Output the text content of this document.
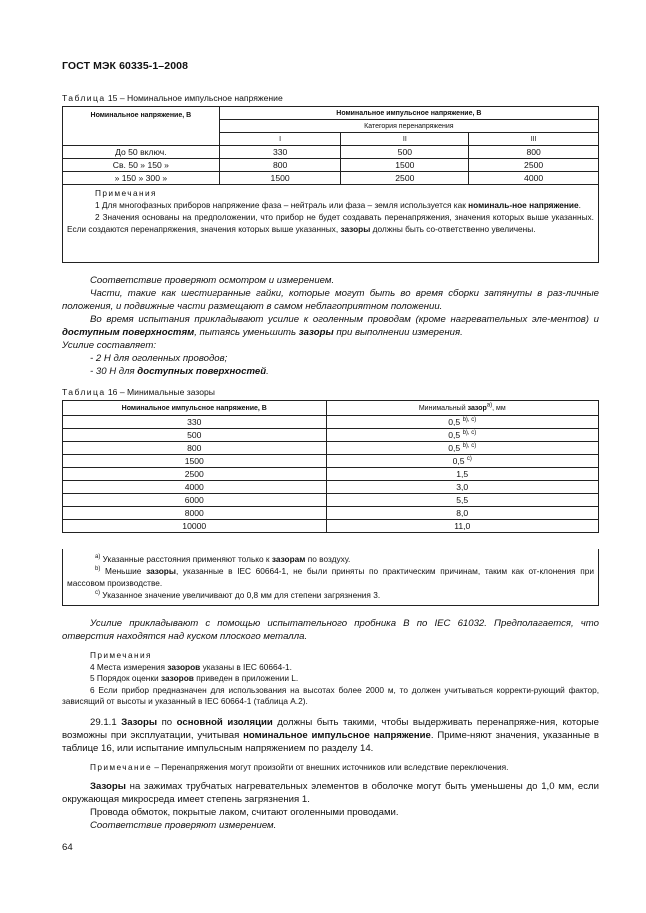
ГОСТ МЭК 60335-1–2008
Таблица 15 – Номинальное импульсное напряжение
Номинальное напряжение, В	Номинальное импульсное напряжение, В		
	Категория перенапряжения		
	I	II	III
До 50 включ.	330	500	800
Св. 50 » 150 »	800	1500	2500
» 150 » 300 »	1500	2500	4000
Примечания
1 Для многофазных приборов напряжение фаза – нейтраль или фаза – земля используется как номиналь-ное напряжение.
2 Значения основаны на предположении, что прибор не будет создавать перенапряжения, значения которых выше указанных. Если создаются перенапряжения, значения которых выше указанных, зазоры должны быть со-ответственно увеличены.
Соответствие проверяют осмотром и измерением.
Части, такие как шестигранные гайки, которые могут быть во время сборки затянуты в раз-личные положения, и подвижные части размещают в самом неблагоприятном положении.
Во время испытания прикладывают усилие к оголенным проводам (кроме нагревательных эле-ментов) и доступным поверхностям, пытаясь уменьшить зазоры при выполнении измерения.
Усилие составляет:
- 2 Н для оголенных проводов;
- 30 Н для доступных поверхностей.
Таблица 16 – Минимальные зазоры
Номинальное импульсное напряжение, В	Минимальный зазор$^{a)}$, мм
330	0,5 $^{b), c)}$
500	0,5 $^{b), c)}$
800	0,5 $^{b), c)}$
1500	0,5 $^{c)}$
2500	1,5
4000	3,0
6000	5,5
8000	8,0
10000	11,0
$^{a)}$ Указанные расстояния применяют только к зазорам по воздуху.
$^{b)}$ Меньшие зазоры, указанные в IEC 60664-1, не были приняты по практическим причинам, таким как от-клонения при массовом производстве.
$^{c)}$ Указанное значение увеличивают до 0,8 мм для степени загрязнения 3.
Усилие прикладывают с помощью испытательного пробника B по IEC 61032. Предполагается, что отверстия находятся над куском плоского металла.
Примечания
4 Места измерения зазоров указаны в IEC 60664-1.
5 Порядок оценки зазоров приведен в приложении L.
6 Если прибор предназначен для использования на высотах более 2000 м, то должен учитываться корректи-рующий фактор, зависящий от высоты и указанный в IEC 60664-1 (таблица А.2).
29.1.1 Зазоры по основной изоляции должны быть такими, чтобы выдерживать перенапряже-ния, которые возможны при эксплуатации, учитывая номинальное импульсное напряжение. Приме-няют значения, указанные в таблице 16, или испытание импульсным напряжением по разделу 14.
Примечание – Перенапряжения могут произойти от внешних источников или вследствие переключения.
Зазоры на зажимах трубчатых нагревательных элементов в оболочке могут быть уменьшены до 1,0 мм, если окружающая микросреда имеет степень загрязнения 1.
Провода обмоток, покрытые лаком, считают оголенными проводами.
Соответствие проверяют измерением.
64
